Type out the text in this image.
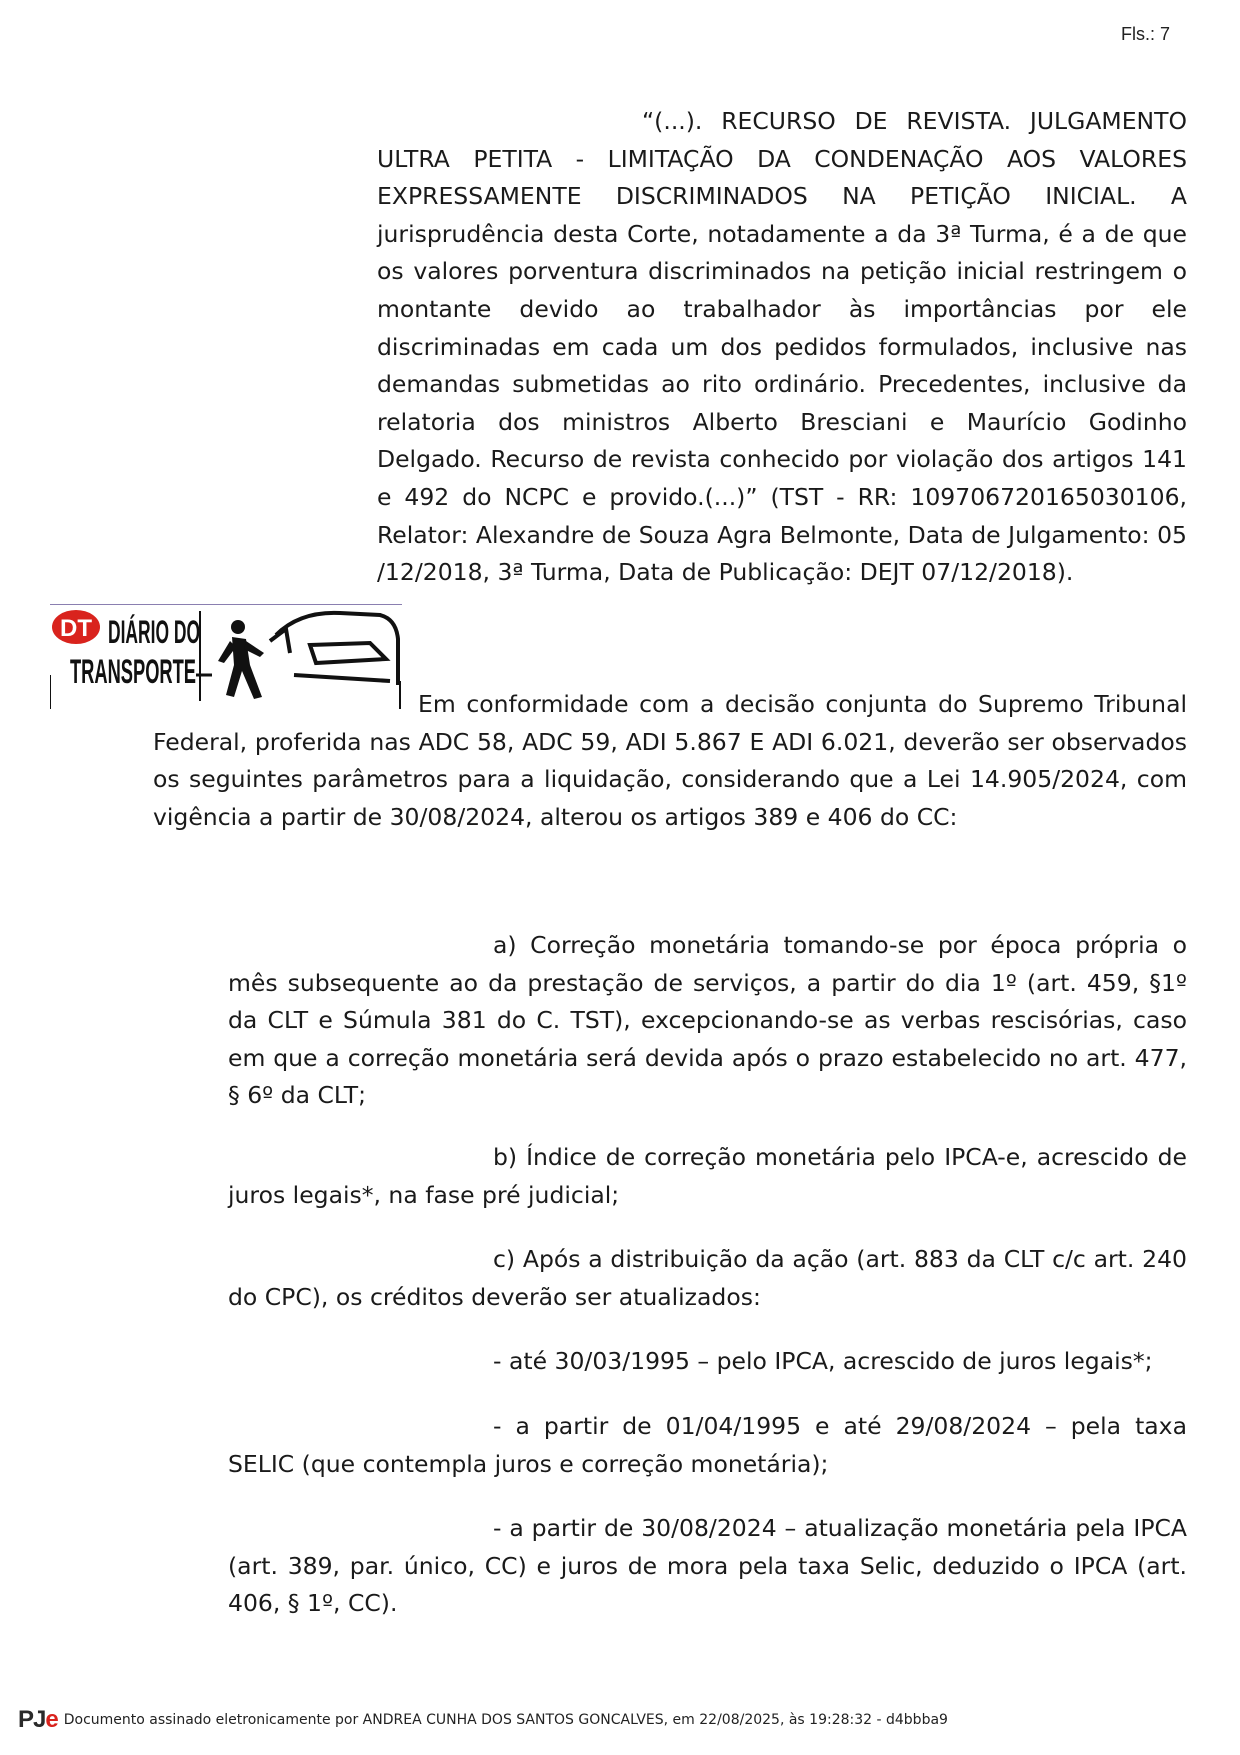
Fls.: 7
“(...). RECURSO DE REVISTA. JULGAMENTO ULTRA PETITA - LIMITAÇÃO DA CONDENAÇÃO AOS VALORES EXPRESSAMENTE DISCRIMINADOS NA PETIÇÃO INICIAL. A jurisprudência desta Corte, notadamente a da 3ª Turma, é a de que os valores porventura discriminados na petição inicial restringem o montante devido ao trabalhador às importâncias por ele discriminadas em cada um dos pedidos formulados, inclusive nas demandas submetidas ao rito ordinário. Precedentes, inclusive da relatoria dos ministros Alberto Bresciani e Maurício Godinho Delgado. Recurso de revista conhecido por violação dos artigos 141 e 492 do NCPC e provido.(...)” (TST - RR: 109706720165030106, Relator: Alexandre de Souza Agra Belmonte, Data de Julgamento: 05 /12/2018, 3ª Turma, Data de Publicação: DEJT 07/12/2018).
Em conformidade com a decisão conjunta do Supremo Tribunal Federal, proferida nas ADC 58, ADC 59, ADI 5.867 E ADI 6.021, deverão ser observados os seguintes parâmetros para a liquidação, considerando que a Lei 14.905/2024, com vigência a partir de 30/08/2024, alterou os artigos 389 e 406 do CC:
DT DIÁRIO DO
TRANSPORTE
a) Correção monetária tomando-se por época própria o mês subsequente ao da prestação de serviços, a partir do dia 1º (art. 459, §1º da CLT e Súmula 381 do C. TST), excepcionando-se as verbas rescisórias, caso em que a correção monetária será devida após o prazo estabelecido no art. 477, § 6º da CLT;
b) Índice de correção monetária pelo IPCA-e, acrescido de juros legais*, na fase pré judicial;
c) Após a distribuição da ação (art. 883 da CLT c/c art. 240 do CPC), os créditos deverão ser atualizados:
- até 30/03/1995 – pelo IPCA, acrescido de juros legais*;
- a partir de 01/04/1995 e até 29/08/2024 – pela taxa SELIC (que contempla juros e correção monetária);
- a partir de 30/08/2024 – atualização monetária pela IPCA (art. 389, par. único, CC) e juros de mora pela taxa Selic, deduzido o IPCA (art. 406, § 1º, CC).
PJe Documento assinado eletronicamente por ANDREA CUNHA DOS SANTOS GONCALVES, em 22/08/2025, às 19:28:32 - d4bbba9
